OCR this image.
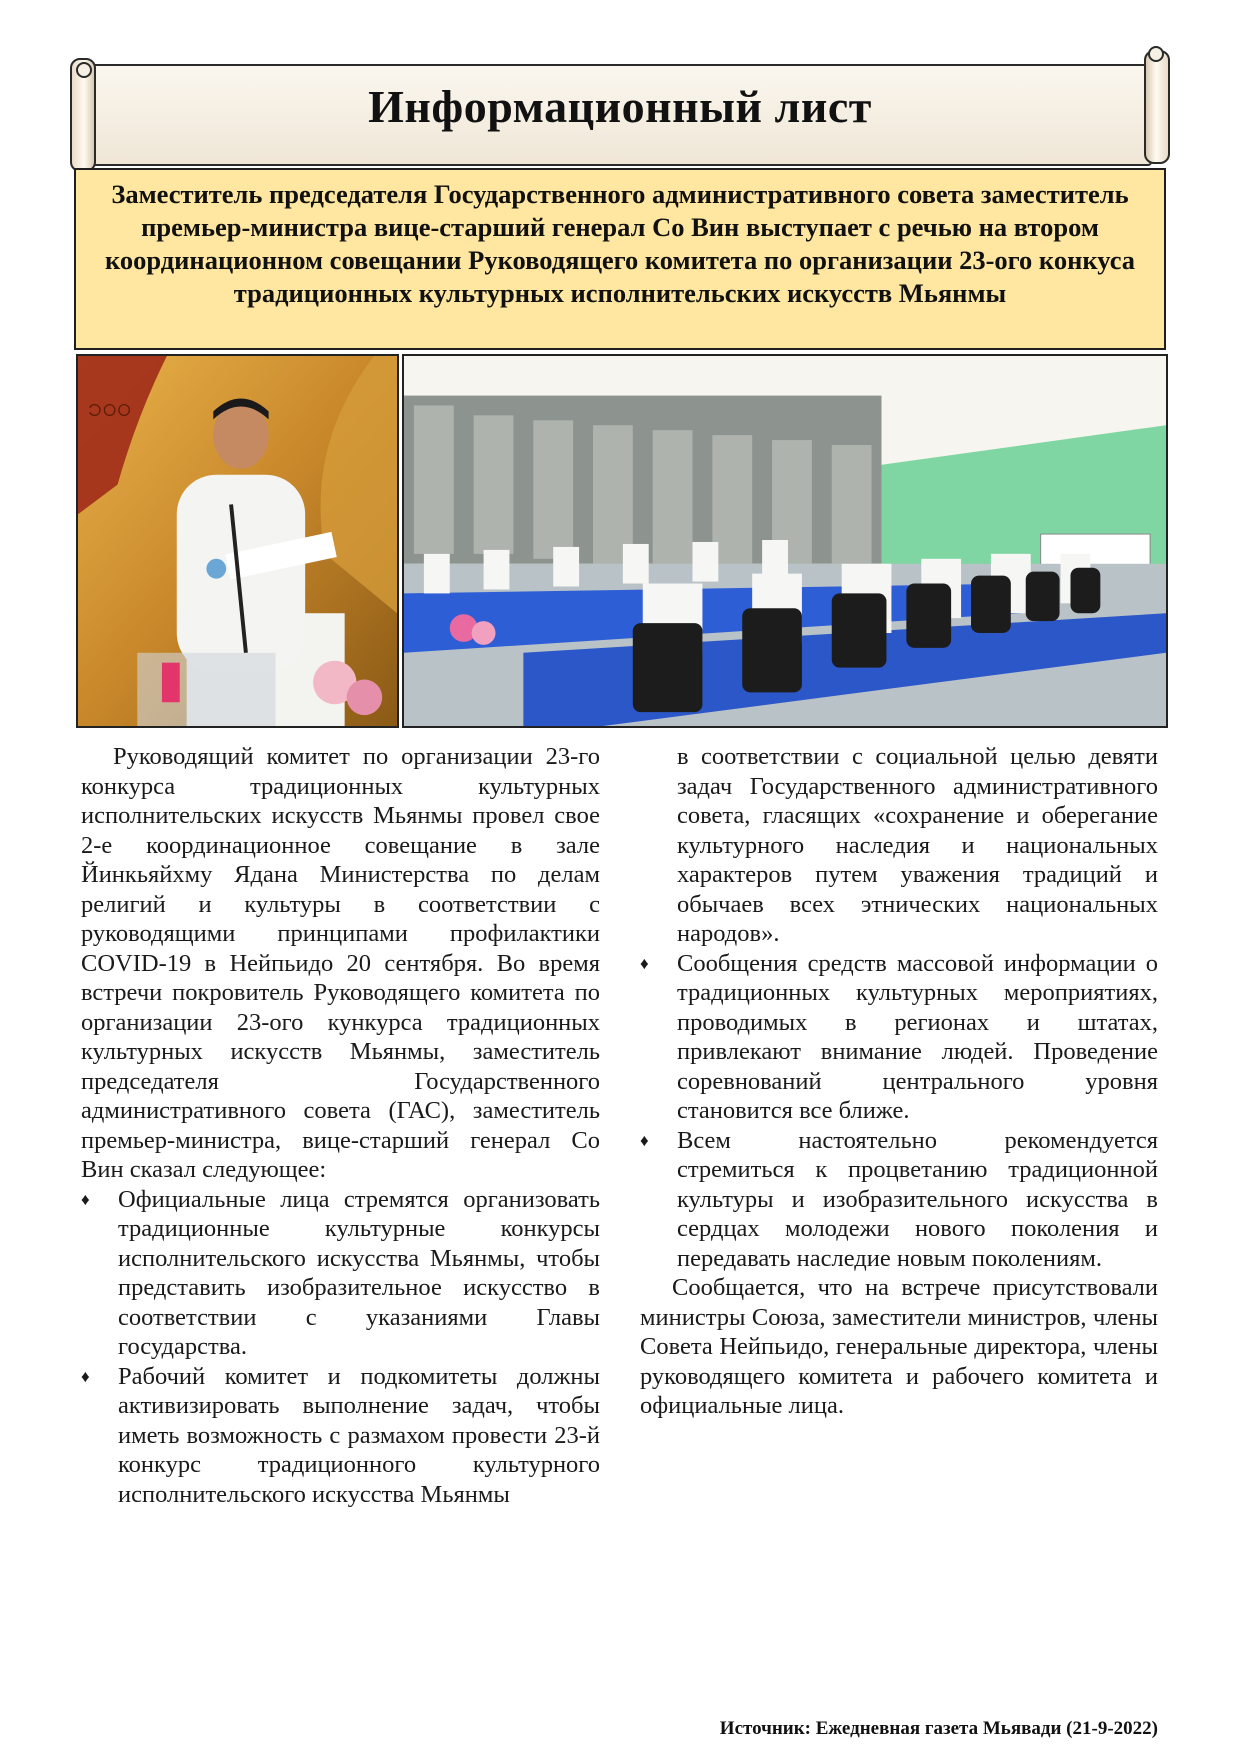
Информационный лист
Заместитель председателя Государственного административного совета заместитель премьер-министра вице-старший генерал Со Вин выступает с речью на втором координационном совещании Руководящего комитета по организации 23-ого конкуса традиционных культурных исполнительских искусств Мьянмы
၁၀၀

Руководящий комитет по организации 23-го конкурса традиционных культурных исполнительских искусств Мьянмы провел свое 2-е координационное совещание в зале Йинкьяйхму Ядана Министерства по делам религий и культуры в соответствии с руководящими принципами профилактики COVID-19 в Нейпьидо 20 сентября. Во время встречи покровитель Руководящего комитета по организации 23-ого кункурса традиционных культурных искусств Мьянмы, заместитель председателя Государственного административного совета (ГАС), заместитель премьер-министра, вице-старший генерал Со Вин сказал следующее:

♦ Официальные лица стремятся организовать традиционные культурные конкурсы исполнительского искусства Мьянмы, чтобы представить изобразительное искусство в соответствии с указаниями Главы государства.
♦ Рабочий комитет и подкомитеты должны активизировать выполнение задач, чтобы иметь возможность с размахом провести 23-й конкурс традиционного культурного исполнительского искусства Мьянмы

в соответствии с социальной целью девяти задач Государственного административного совета, гласящих «сохранение и оберегание культурного наследия и национальных характеров путем уважения традиций и обычаев всех этнических национальных народов».

♦ Сообщения средств массовой информации о традиционных культурных мероприятиях, проводимых в регионах и штатах, привлекают внимание людей. Проведение соревнований центрального уровня становится все ближе.
♦ Всем настоятельно рекомендуется стремиться к процветанию традиционной культуры и изобразительного искусства в сердцах молодежи нового поколения и передавать наследие новым поколениям.

Сообщается, что на встрече присутствовали министры Союза, заместители министров, члены Совета Нейпьидо, генеральные директора, члены руководящего комитета и рабочего комитета и официальные лица.

Источник: Ежедневная газета Мьявади (21-9-2022)
